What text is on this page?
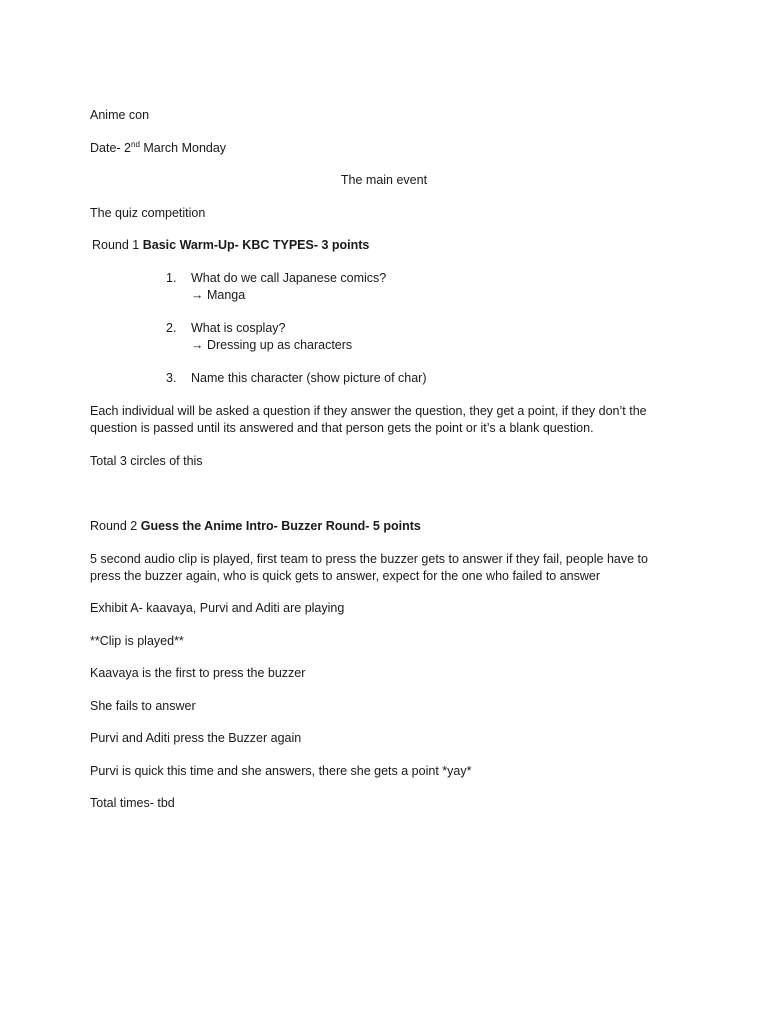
Anime con

Date- 2nd March Monday

The main event

The quiz competition

Round 1 Basic Warm-Up- KBC TYPES- 3 points

1. What do we call Japanese comics?
→ Manga
2. What is cosplay?
→ Dressing up as characters
3. Name this character (show picture of char)

Each individual will be asked a question if they answer the question, they get a point, if they don’t the

question is passed until its answered and that person gets the point or it’s a blank question.

Total 3 circles of this

Round 2 Guess the Anime Intro- Buzzer Round- 5 points

5 second audio clip is played, first team to press the buzzer gets to answer if they fail, people have to

press the buzzer again, who is quick gets to answer, expect for the one who failed to answer

Exhibit A- kaavaya, Purvi and Aditi are playing

**Clip is played**

Kaavaya is the first to press the buzzer

She fails to answer

Purvi and Aditi press the Buzzer again

Purvi is quick this time and she answers, there she gets a point *yay*

Total times- tbd
